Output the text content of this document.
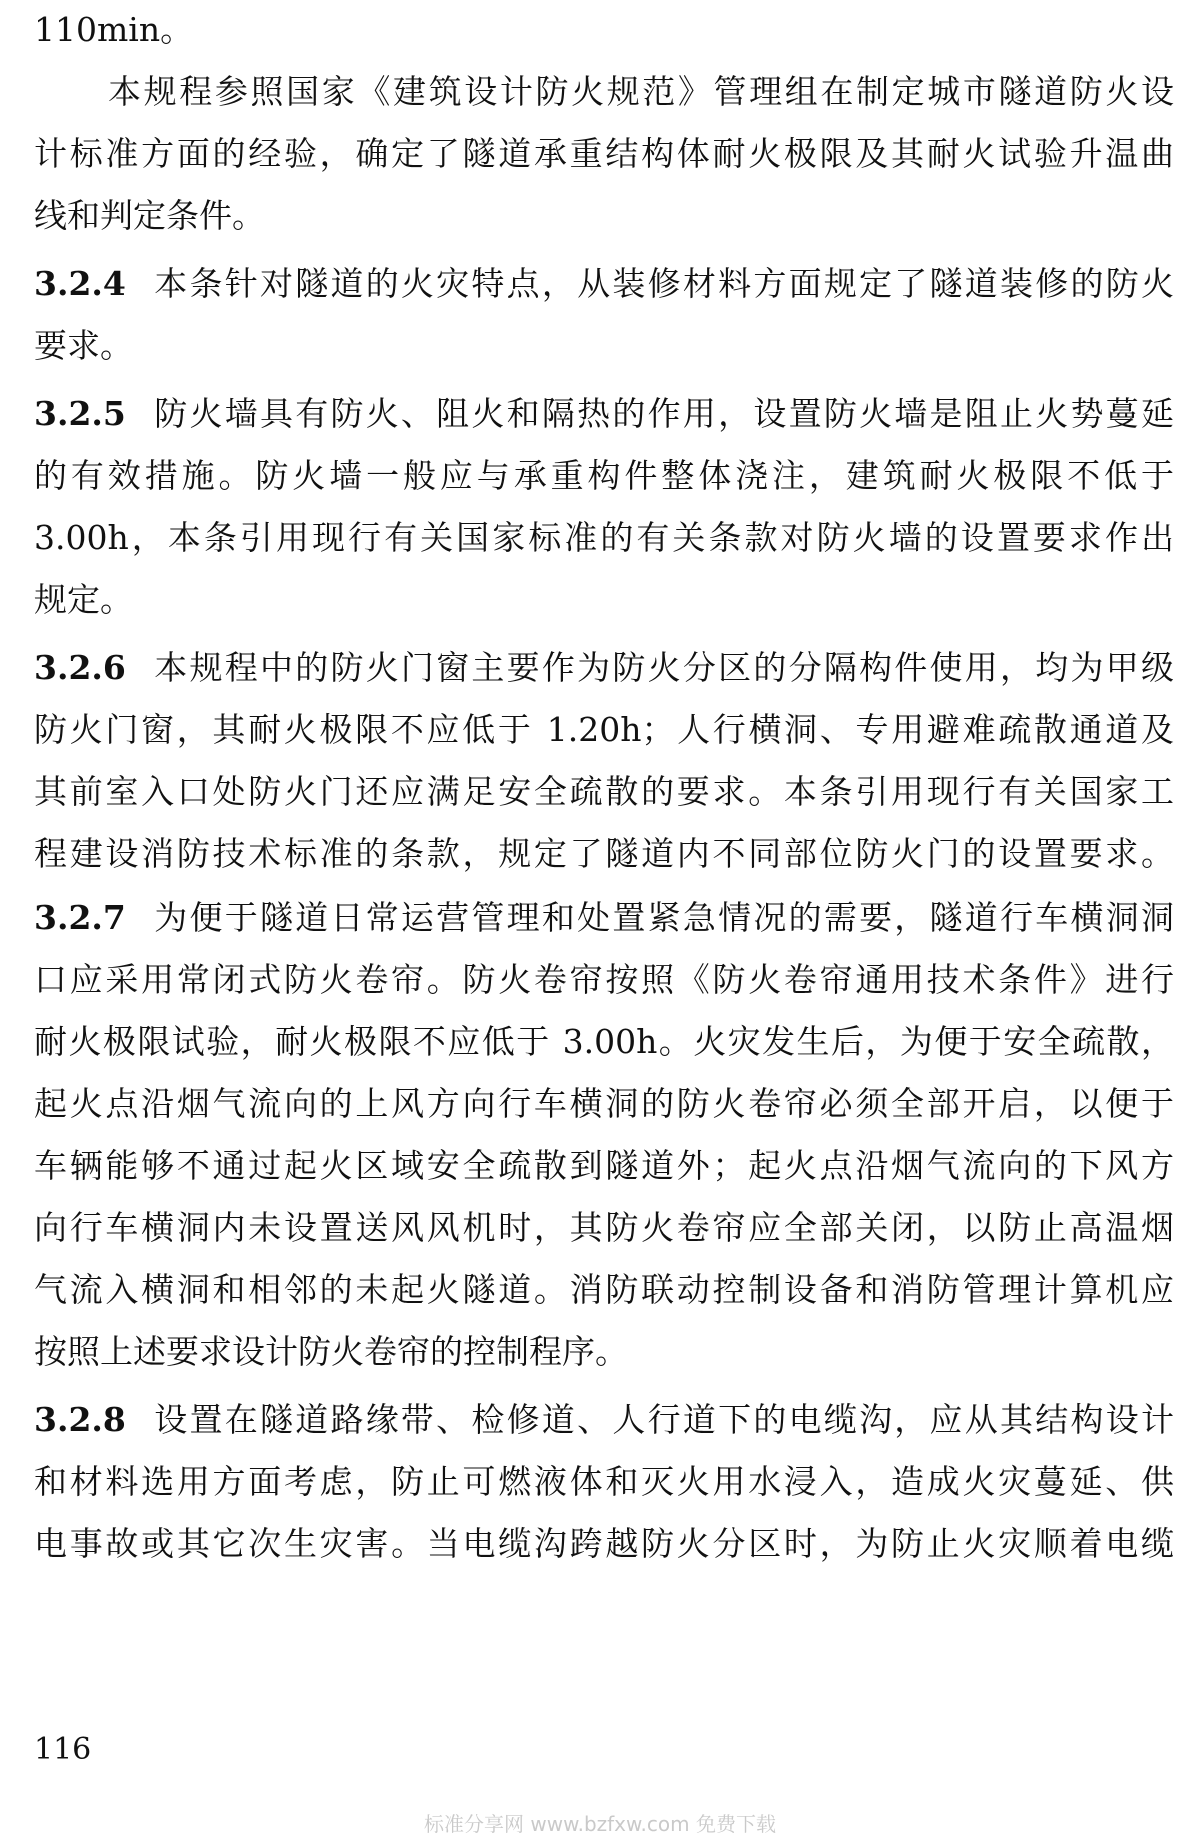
110min。
本规程参照国家《建筑设计防火规范》管理组在制定城市隧道防火设
计标准方面的经验，确定了隧道承重结构体耐火极限及其耐火试验升温曲
线和判定条件。
3.2.4 本条针对隧道的火灾特点，从装修材料方面规定了隧道装修的防火
要求。
3.2.5 防火墙具有防火、阻火和隔热的作用，设置防火墙是阻止火势蔓延
的有效措施。防火墙一般应与承重构件整体浇注，建筑耐火极限不低于
3.00h，本条引用现行有关国家标准的有关条款对防火墙的设置要求作出
规定。
3.2.6 本规程中的防火门窗主要作为防火分区的分隔构件使用，均为甲级
防火门窗，其耐火极限不应低于 1.20h；人行横洞、专用避难疏散通道及
其前室入口处防火门还应满足安全疏散的要求。本条引用现行有关国家工
程建设消防技术标准的条款，规定了隧道内不同部位防火门的设置要求。
3.2.7 为便于隧道日常运营管理和处置紧急情况的需要，隧道行车横洞洞
口应采用常闭式防火卷帘。防火卷帘按照《防火卷帘通用技术条件》进行
耐火极限试验，耐火极限不应低于 3.00h。火灾发生后，为便于安全疏散，
起火点沿烟气流向的上风方向行车横洞的防火卷帘必须全部开启，以便于
车辆能够不通过起火区域安全疏散到隧道外；起火点沿烟气流向的下风方
向行车横洞内未设置送风风机时，其防火卷帘应全部关闭，以防止高温烟
气流入横洞和相邻的未起火隧道。消防联动控制设备和消防管理计算机应
按照上述要求设计防火卷帘的控制程序。
3.2.8 设置在隧道路缘带、检修道、人行道下的电缆沟，应从其结构设计
和材料选用方面考虑，防止可燃液体和灭火用水浸入，造成火灾蔓延、供
电事故或其它次生灾害。当电缆沟跨越防火分区时，为防止火灾顺着电缆
116
标准分享网 www.bzfxw.com 免费下载
